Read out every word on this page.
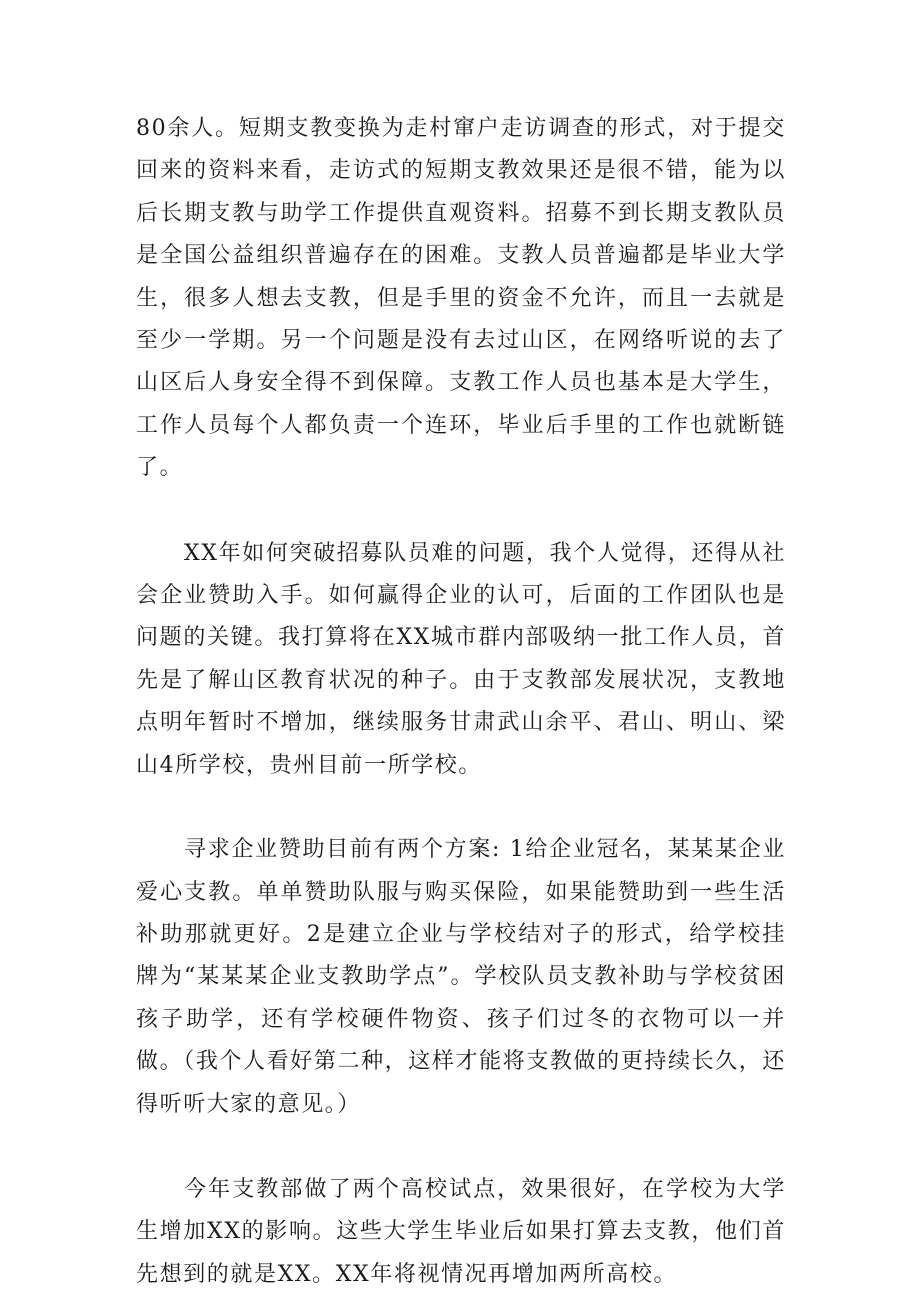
80余人。短期支教变换为走村窜户走访调查的形式，对于提交回来的资料来看，走访式的短期支教效果还是很不错，能为以后长期支教与助学工作提供直观资料。招募不到长期支教队员是全国公益组织普遍存在的困难。支教人员普遍都是毕业大学生，很多人想去支教，但是手里的资金不允许，而且一去就是至少一学期。另一个问题是没有去过山区，在网络听说的去了山区后人身安全得不到保障。支教工作人员也基本是大学生，工作人员每个人都负责一个连环，毕业后手里的工作也就断链了。

XX年如何突破招募队员难的问题，我个人觉得，还得从社会企业赞助入手。如何赢得企业的认可，后面的工作团队也是问题的关键。我打算将在XX城市群内部吸纳一批工作人员，首先是了解山区教育状况的种子。由于支教部发展状况，支教地点明年暂时不增加，继续服务甘肃武山余平、君山、明山、梁山4所学校，贵州目前一所学校。

寻求企业赞助目前有两个方案: 1给企业冠名，某某某企业爱心支教。单单赞助队服与购买保险，如果能赞助到一些生活补助那就更好。2是建立企业与学校结对子的形式，给学校挂牌为“某某某企业支教助学点”。学校队员支教补助与学校贫困孩子助学，还有学校硬件物资、孩子们过冬的衣物可以一并做。（我个人看好第二种，这样才能将支教做的更持续长久，还得听听大家的意见。）

今年支教部做了两个高校试点，效果很好，在学校为大学生增加XX的影响。这些大学生毕业后如果打算去支教，他们首先想到的就是XX。XX年将视情况再增加两所高校。
